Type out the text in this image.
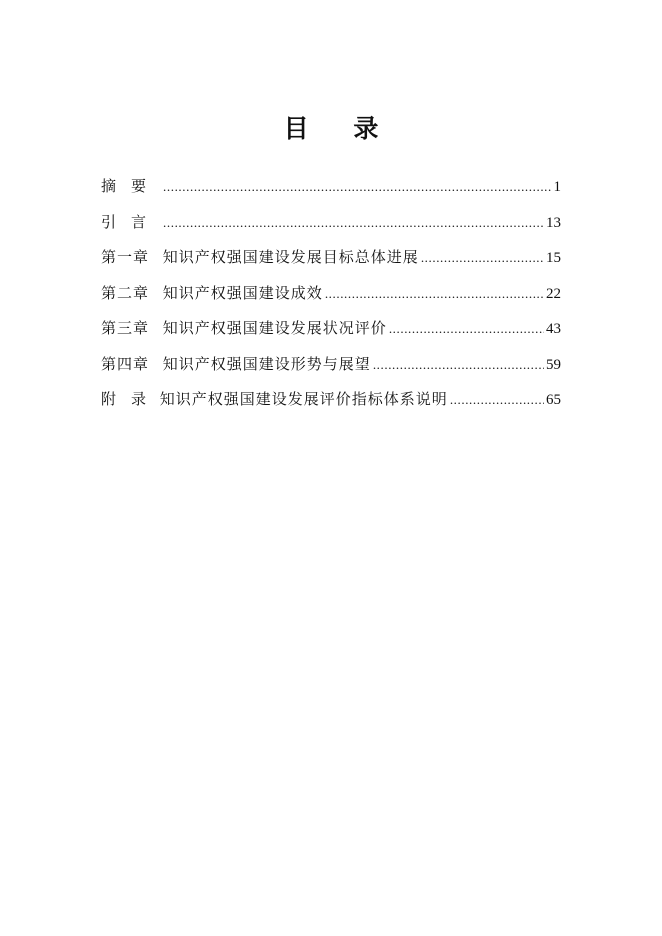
目 录
摘要 .....	1
引言 .....	13
第一章 知识产权强国建设发展目标总体进展 .....	15
第二章 知识产权强国建设成效 .....	22
第三章 知识产权强国建设发展状况评价 .....	43
第四章 知识产权强国建设形势与展望 .....	59
附录 知识产权强国建设发展评价指标体系说明 .....	65
